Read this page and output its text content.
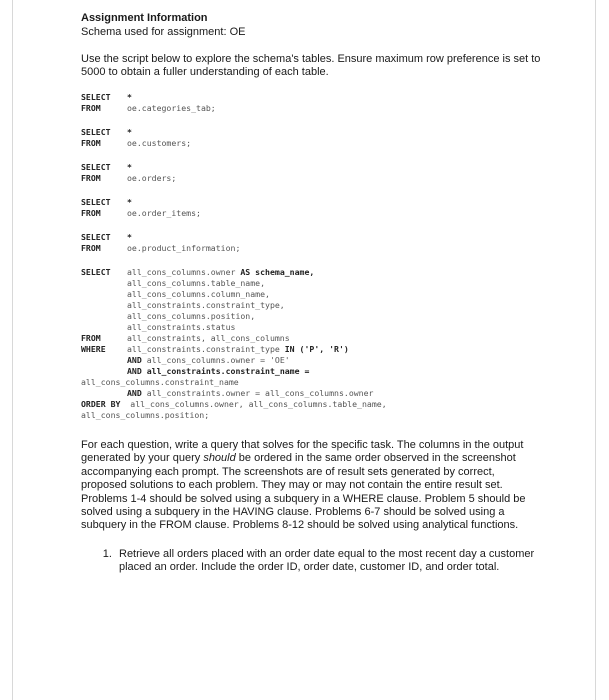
Assignment Information

Schema used for assignment: OE

Use the script below to explore the schema's tables. Ensure maximum row preference is set to 5000 to obtain a fuller understanding of each table.

SELECT	*
FROM	oe.categories_tab;
SELECT	*
FROM	oe.customers;
SELECT	*
FROM	oe.orders;
SELECT	*
FROM	oe.order_items;
SELECT	*
FROM	oe.product_information;
SELECT	all_cons_columns.owner AS
schema_name,
all_cons_columns.table_name,
all_cons_columns.column_name,
all_constraints.constraint_type,
all_cons_columns.position,
all_constraints.status
FROM	all_constraints, all_cons_columns
WHERE	all_constraints.constraint_type IN ('P', 'R')
AND all_cons_columns.owner = 'OE'
AND all_constraints.constraint_name =
all_cons_columns.constraint_name
AND all_constraints.owner = all_cons_columns.owner
ORDER BY  all_cons_columns.owner, all_cons_columns.table_name,
all_cons_columns.position;

For each question, write a query that solves for the specific task. The columns in the output generated by your query should be ordered in the same order observed in the screenshot accompanying each prompt. The screenshots are of result sets generated by correct, proposed solutions to each problem. They may or may not contain the entire result set. Problems 1-4 should be solved using a subquery in a WHERE clause. Problem 5 should be solved using a subquery in the HAVING clause. Problems 6-7 should be solved using a subquery in the FROM clause. Problems 8-12 should be solved using analytical functions.

1. Retrieve all orders placed with an order date equal to the most recent day a customer placed an order. Include the order ID, order date, customer ID, and order total.
